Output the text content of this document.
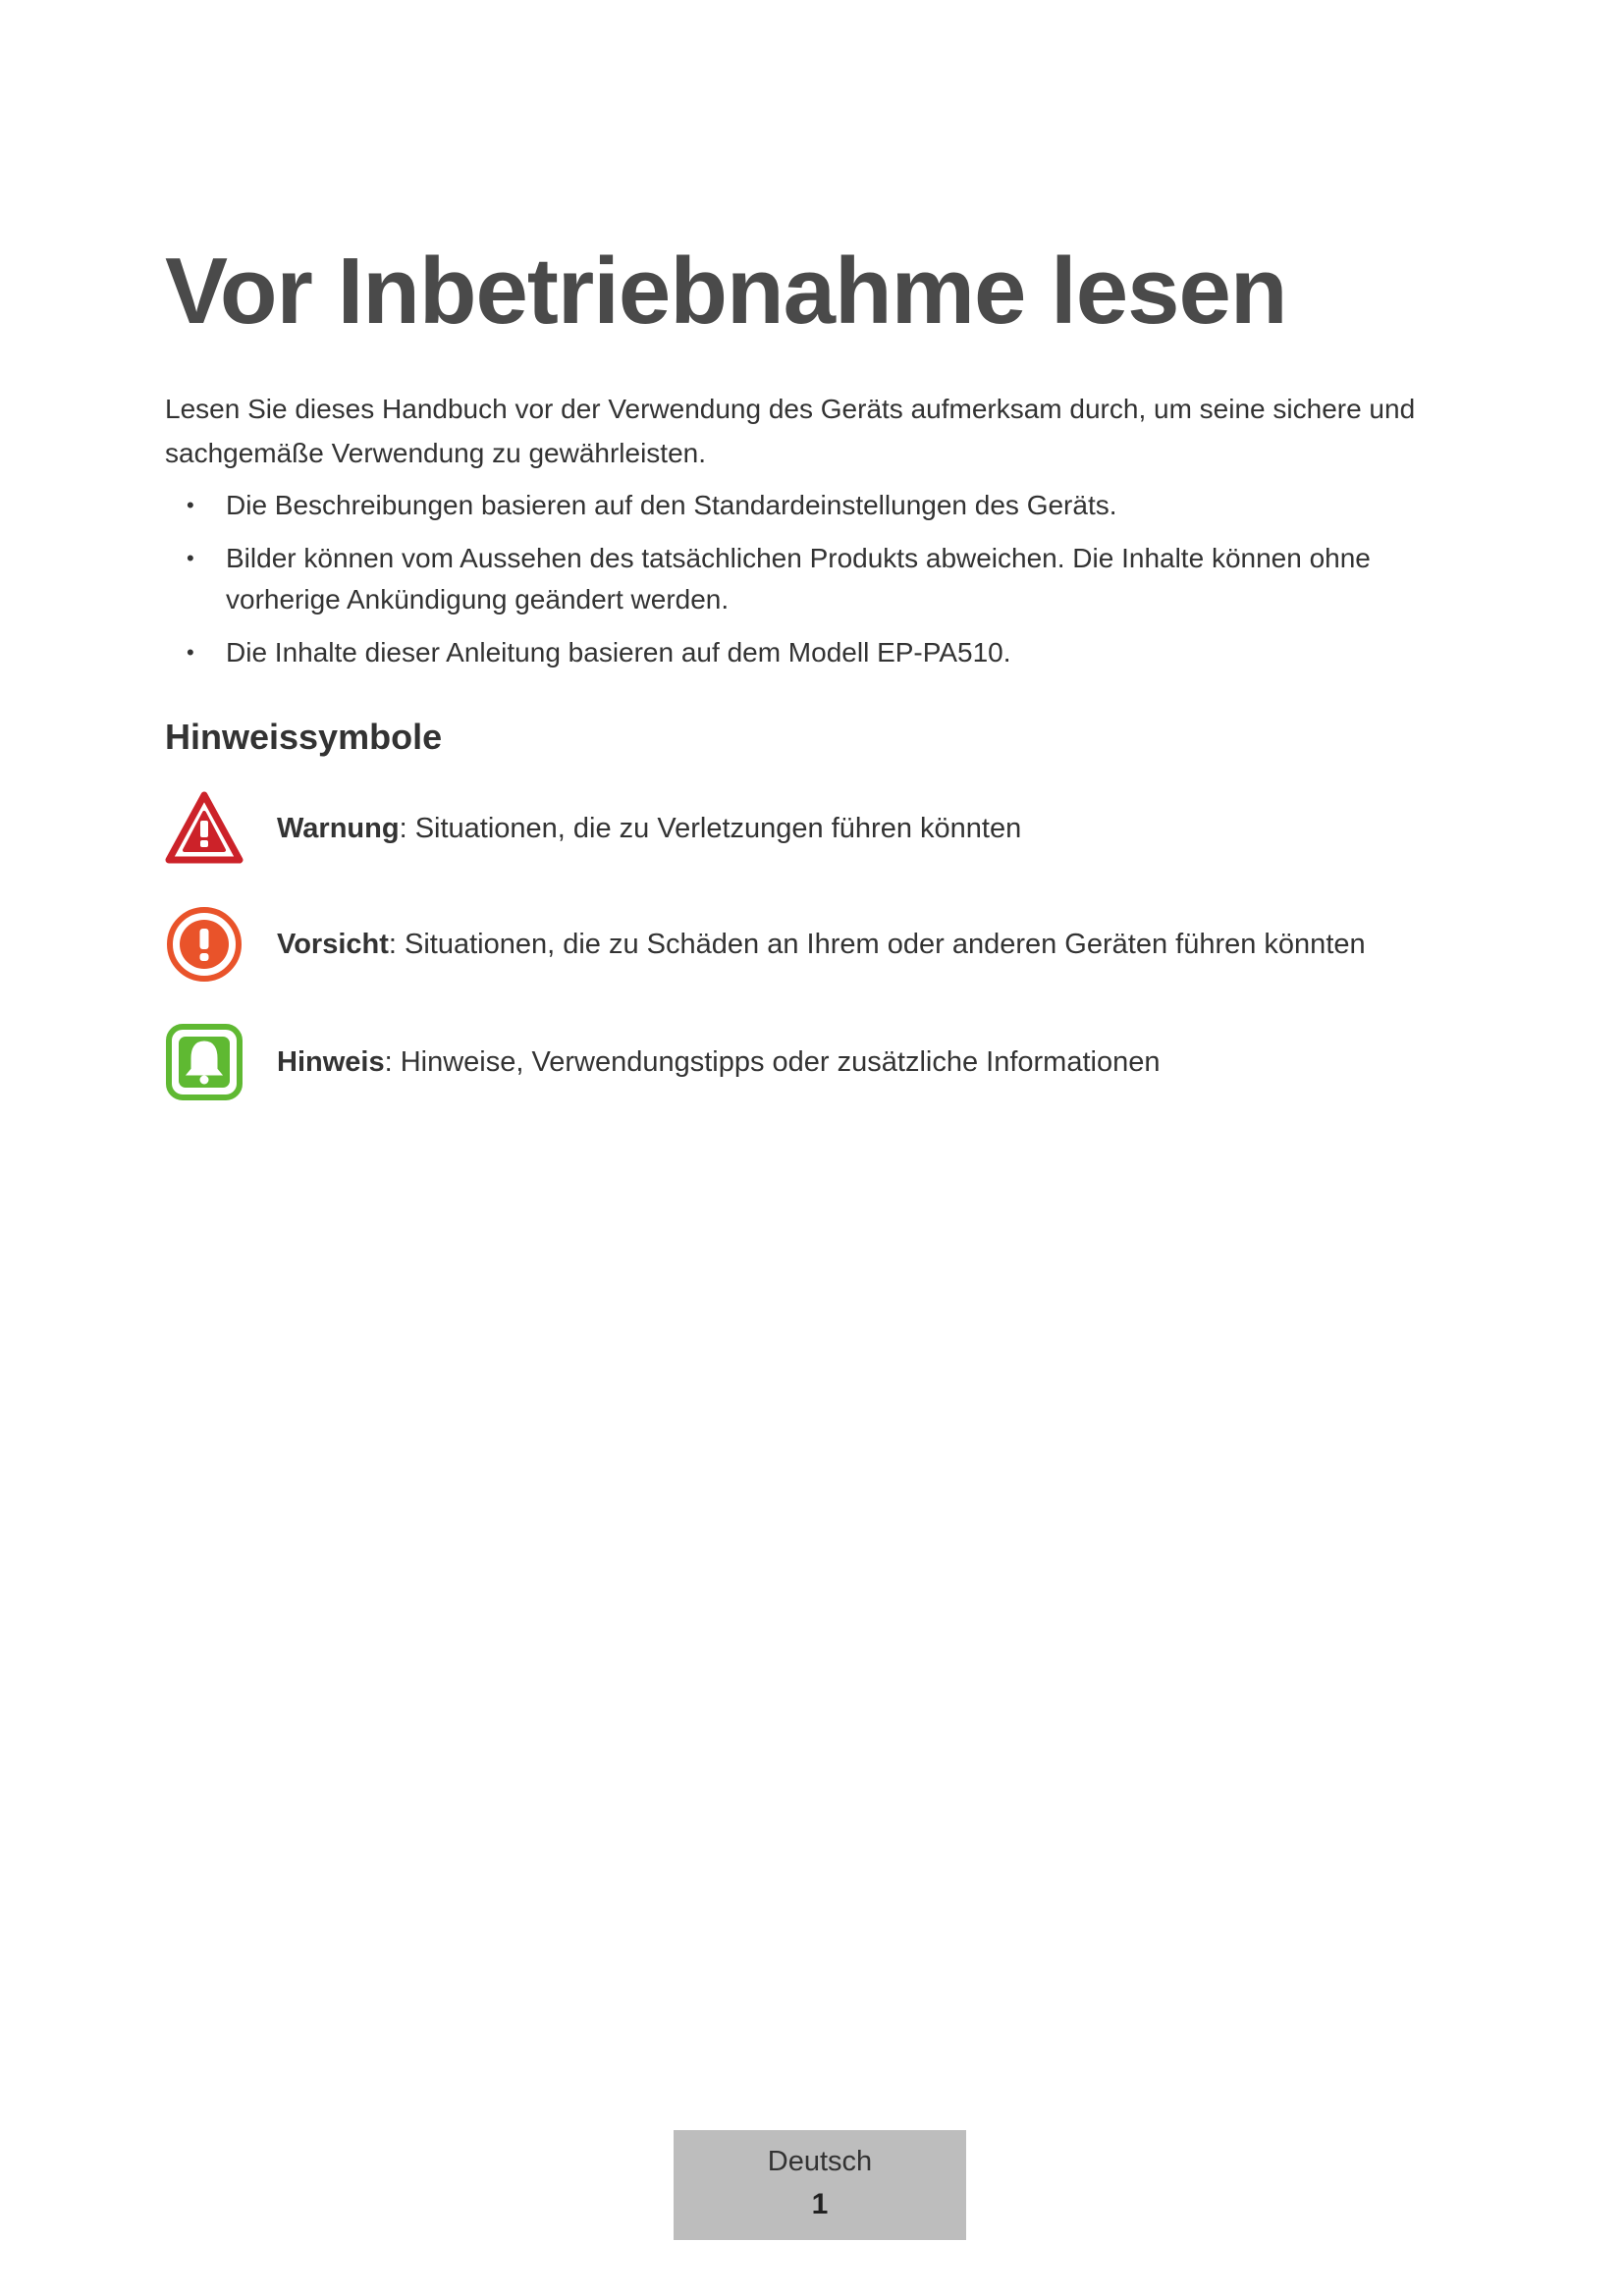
Vor Inbetriebnahme lesen

Lesen Sie dieses Handbuch vor der Verwendung des Geräts aufmerksam durch, um seine sichere und sachgemäße Verwendung zu gewährleisten.

• Die Beschreibungen basieren auf den Standardeinstellungen des Geräts.
• Bilder können vom Aussehen des tatsächlichen Produkts abweichen. Die Inhalte können ohne vorherige Ankündigung geändert werden.
• Die Inhalte dieser Anleitung basieren auf dem Modell EP-PA510.
Hinweissymbole
Warnung: Situationen, die zu Verletzungen führen könnten
Vorsicht: Situationen, die zu Schäden an Ihrem oder anderen Geräten führen könnten
Hinweis: Hinweise, Verwendungstipps oder zusätzliche Informationen
Deutsch
1
